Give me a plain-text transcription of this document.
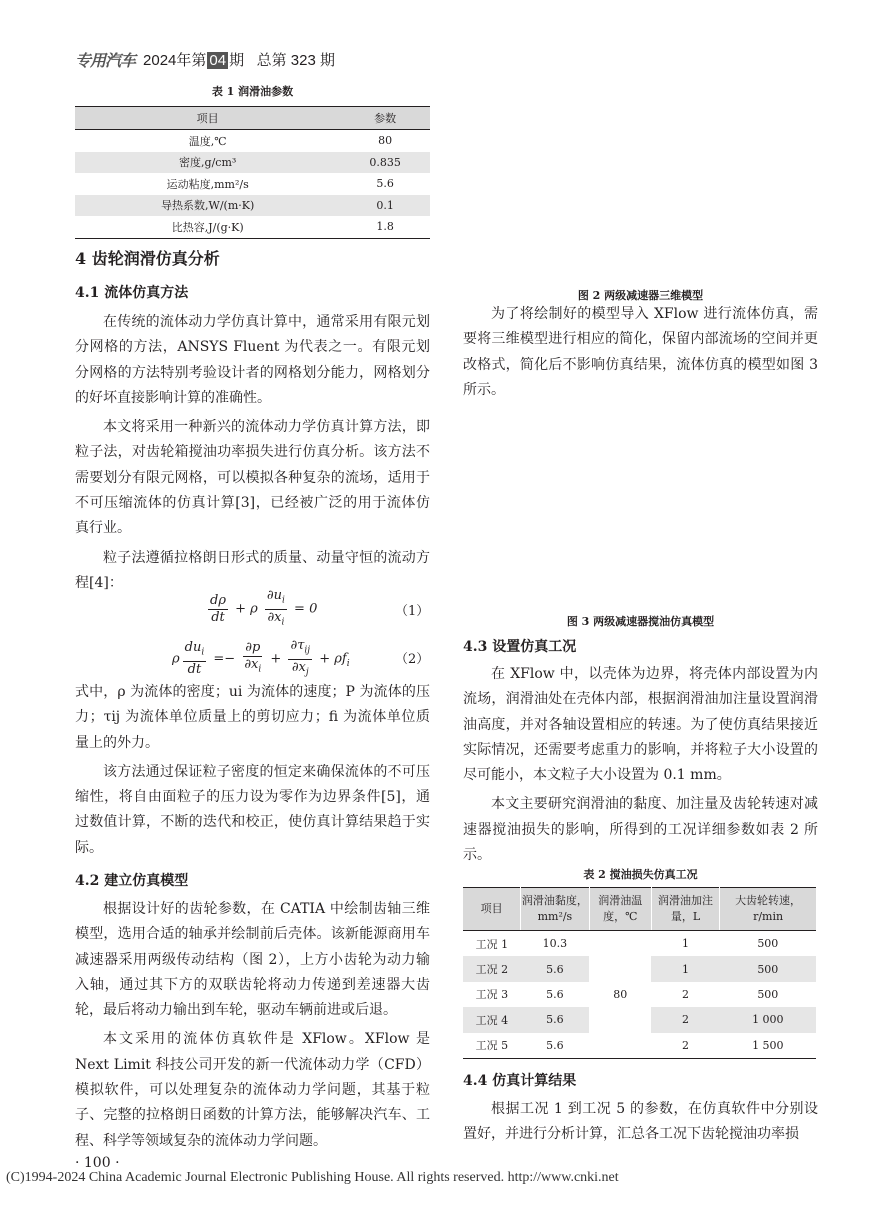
专用汽车 2024年第 04 期 总第 323 期
表 1 润滑油参数
项目	参数
温度,℃	80
密度,g/cm³	0.835
运动粘度,mm²/s	5.6
导热系数,W/(m·K)	0.1
比热容,J/(g·K)	1.8
4 齿轮润滑仿真分析
4.1 流体仿真方法

在传统的流体动力学仿真计算中，通常采用有限元划分网格的方法，ANSYS Fluent 为代表之一。有限元划分网格的方法特别考验设计者的网格划分能力，网格划分的好坏直接影响计算的准确性。

本文将采用一种新兴的流体动力学仿真计算方法，即粒子法，对齿轮箱搅油功率损失进行仿真分析。该方法不需要划分有限元网格，可以模拟各种复杂的流场，适用于不可压缩流体的仿真计算[3]，已经被广泛的用于流体仿真行业。

粒子法遵循拉格朗日形式的质量、动量守恒的流动方程[4]：

$\frac{d\rho}{dt} + \rho \frac{\partial u_i}{\partial x_i} = 0$	（1）
ρ $\frac{du_i}{dt} =- \frac{\partial p}{\partial x_i} + \frac{\partial\tau_{ij}}{\partial x_j} + \rho f_i$	（2）

式中，ρ 为流体的密度；ui 为流体的速度；P 为流体的压力；τij 为流体单位质量上的剪切应力；fi 为流体单位质量上的外力。

该方法通过保证粒子密度的恒定来确保流体的不可压缩性，将自由面粒子的压力设为零作为边界条件[5]，通过数值计算，不断的迭代和校正，使仿真计算结果趋于实际。

4.2 建立仿真模型

根据设计好的齿轮参数，在 CATIA 中绘制齿轴三维模型，选用合适的轴承并绘制前后壳体。该新能源商用车减速器采用两级传动结构（图 2），上方小齿轮为动力输入轴，通过其下方的双联齿轮将动力传递到差速器大齿轮，最后将动力输出到车轮，驱动车辆前进或后退。

本文采用的流体仿真软件是 XFlow。XFlow 是 Next Limit 科技公司开发的新一代流体动力学（CFD）模拟软件，可以处理复杂的流体动力学问题，其基于粒子、完整的拉格朗日函数的计算方法，能够解决汽车、工程、科学等领域复杂的流体动力学问题。

图 2 两级减速器三维模型

为了将绘制好的模型导入 XFlow 进行流体仿真，需要将三维模型进行相应的简化，保留内部流场的空间并更改格式，简化后不影响仿真结果，流体仿真的模型如图 3 所示。

图 3 两级减速器搅油仿真模型
4.3 设置仿真工况

在 XFlow 中，以壳体为边界，将壳体内部设置为内流场，润滑油处在壳体内部，根据润滑油加注量设置润滑油高度，并对各轴设置相应的转速。为了使仿真结果接近实际情况，还需要考虑重力的影响，并将粒子大小设置的尽可能小，本文粒子大小设置为 0.1 mm。

本文主要研究润滑油的黏度、加注量及齿轮转速对减速器搅油损失的影响，所得到的工况详细参数如表 2 所示。

表 2 搅油损失仿真工况
项目	润滑油黏度，mm²/s	润滑油温度，℃	润滑油加注量，L	大齿轮转速，r/min
工况 1	10.3	80	1	500
工况 2	5.6		1	500
工况 3	5.6		2	500
工况 4	5.6		2	1 000
工况 5	5.6		2	1 500
4.4 仿真计算结果

根据工况 1 到工况 5 的参数，在仿真软件中分别设置好，并进行分析计算，汇总各工况下齿轮搅油功率损

· 100 ·
(C)1994-2024 China Academic Journal Electronic Publishing House. All rights reserved. http://www.cnki.net
